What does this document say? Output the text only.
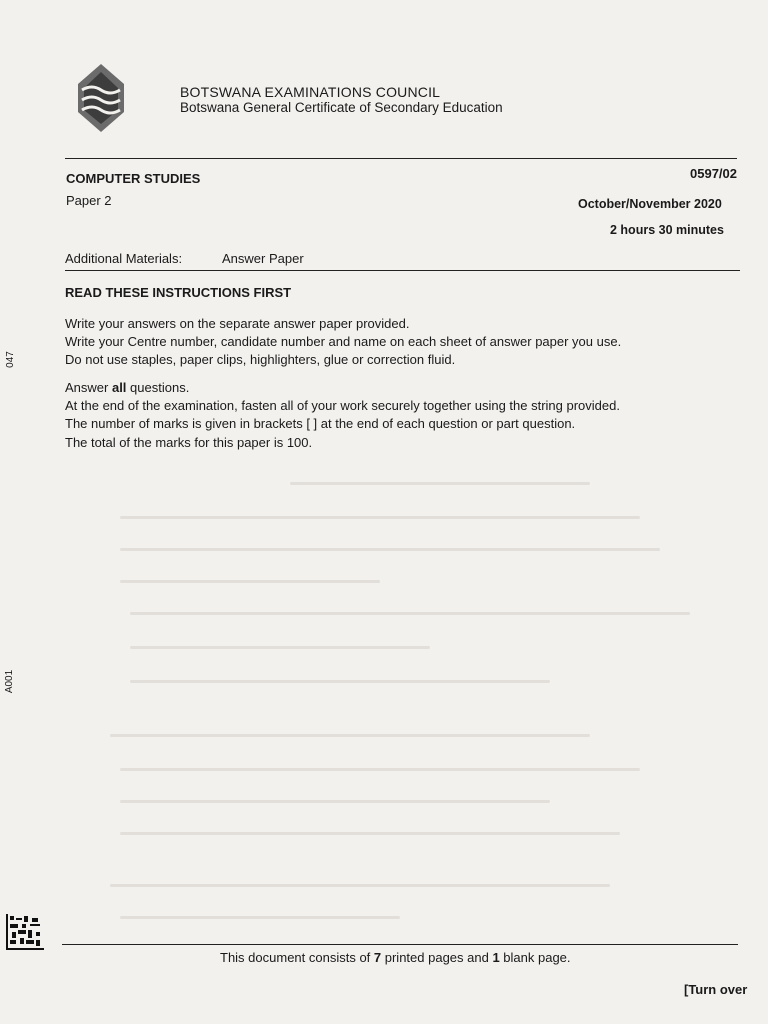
BOTSWANA EXAMINATIONS COUNCIL
Botswana General Certificate of Secondary Education
COMPUTER STUDIES	0597/02
Paper 2	October/November 2020
2 hours 30 minutes
Additional Materials:	Answer Paper
READ THESE INSTRUCTIONS FIRST
Write your answers on the separate answer paper provided.
Write your Centre number, candidate number and name on each sheet of answer paper you use.
Do not use staples, paper clips, highlighters, glue or correction fluid.
Answer all questions.
At the end of the examination, fasten all of your work securely together using the string provided.
The number of marks is given in brackets [ ] at the end of each question or part question.
The total of the marks for this paper is 100.
047
A001
This document consists of 7 printed pages and 1 blank page.
[Turn over
